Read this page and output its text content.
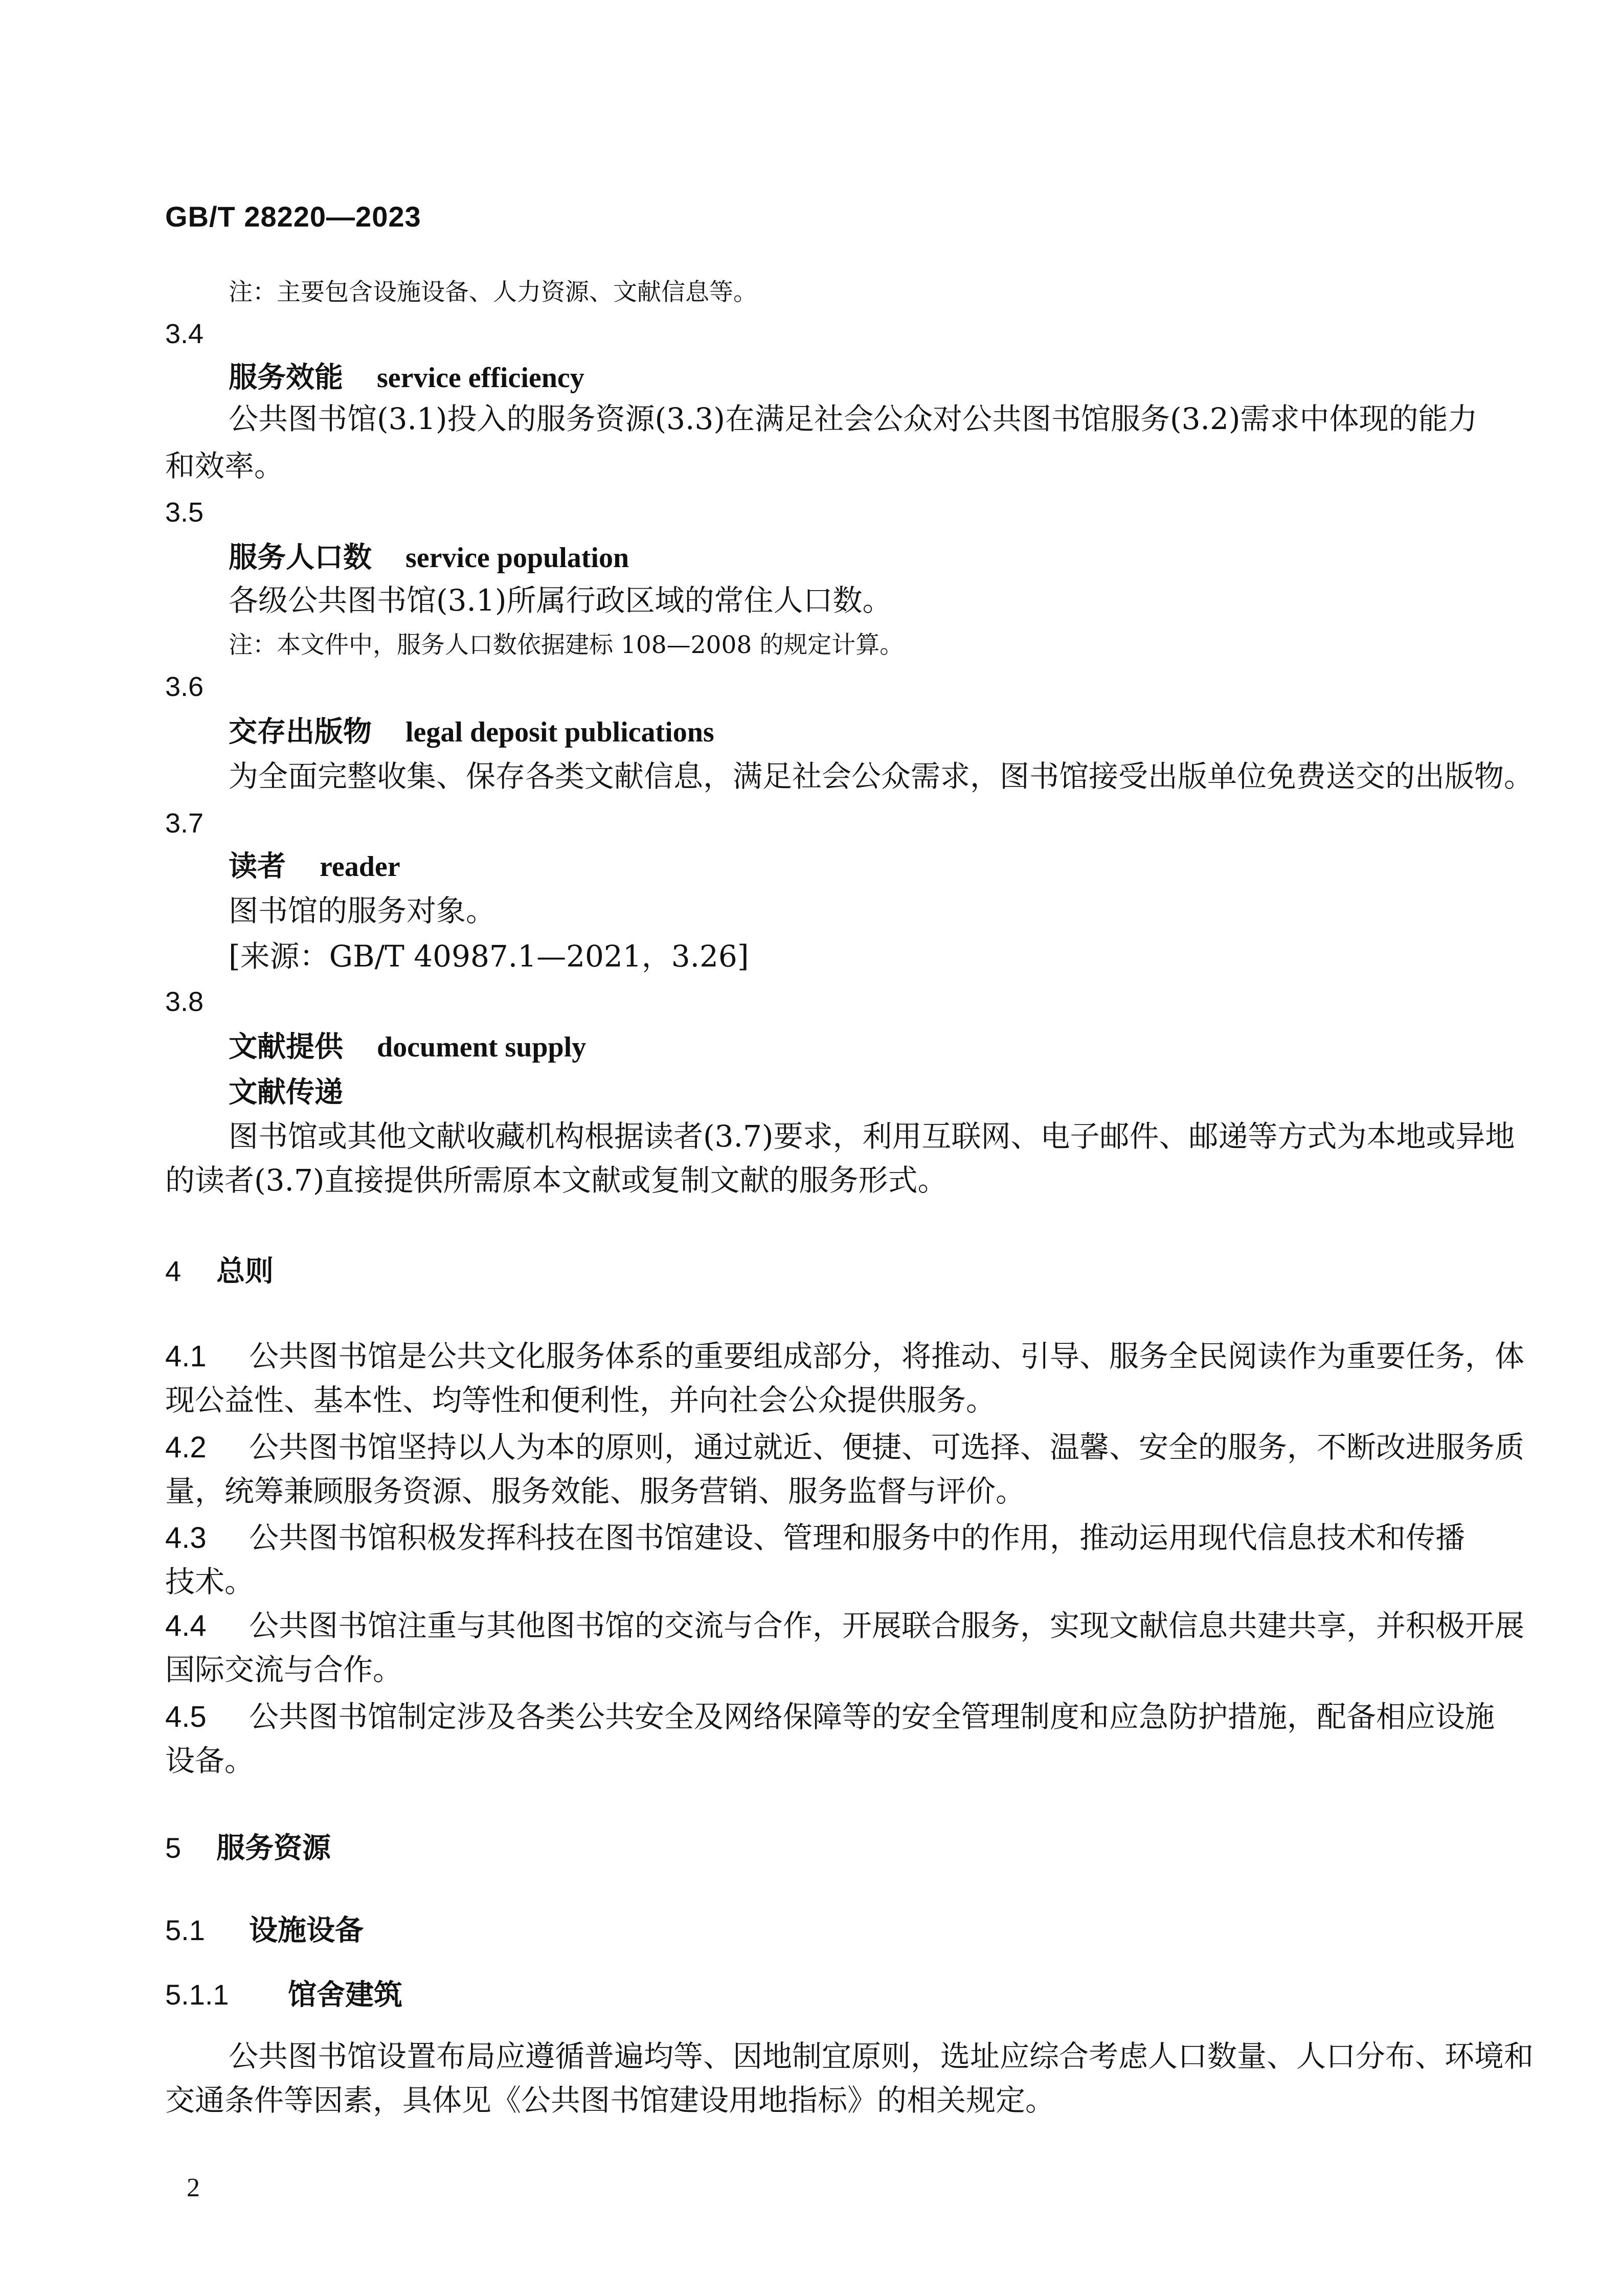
GB/T 28220—2023
注：主要包含设施设备、人力资源、文献信息等。
3.4
服务效能 service efficiency
公共图书馆(3.1)投入的服务资源(3.3)在满足社会公众对公共图书馆服务(3.2)需求中体现的能力
和效率。
3.5
服务人口数 service population
各级公共图书馆(3.1)所属行政区域的常住人口数。
注：本文件中，服务人口数依据建标 108—2008 的规定计算。
3.6
交存出版物 legal deposit publications
为全面完整收集、保存各类文献信息，满足社会公众需求，图书馆接受出版单位免费送交的出版物。
3.7
读者 reader
图书馆的服务对象。
[来源：GB/T 40987.1—2021，3.26]
3.8
文献提供 document supply
文献传递
图书馆或其他文献收藏机构根据读者(3.7)要求，利用互联网、电子邮件、邮递等方式为本地或异地
的读者(3.7)直接提供所需原本文献或复制文献的服务形式。
4 总则
4.1 公共图书馆是公共文化服务体系的重要组成部分，将推动、引导、服务全民阅读作为重要任务，体
现公益性、基本性、均等性和便利性，并向社会公众提供服务。
4.2 公共图书馆坚持以人为本的原则，通过就近、便捷、可选择、温馨、安全的服务，不断改进服务质
量，统筹兼顾服务资源、服务效能、服务营销、服务监督与评价。
4.3 公共图书馆积极发挥科技在图书馆建设、管理和服务中的作用，推动运用现代信息技术和传播
技术。
4.4 公共图书馆注重与其他图书馆的交流与合作，开展联合服务，实现文献信息共建共享，并积极开展
国际交流与合作。
4.5 公共图书馆制定涉及各类公共安全及网络保障等的安全管理制度和应急防护措施，配备相应设施
设备。
5 服务资源
5.1 设施设备
5.1.1 馆舍建筑
公共图书馆设置布局应遵循普遍均等、因地制宜原则，选址应综合考虑人口数量、人口分布、环境和
交通条件等因素，具体见《公共图书馆建设用地指标》的相关规定。
2
